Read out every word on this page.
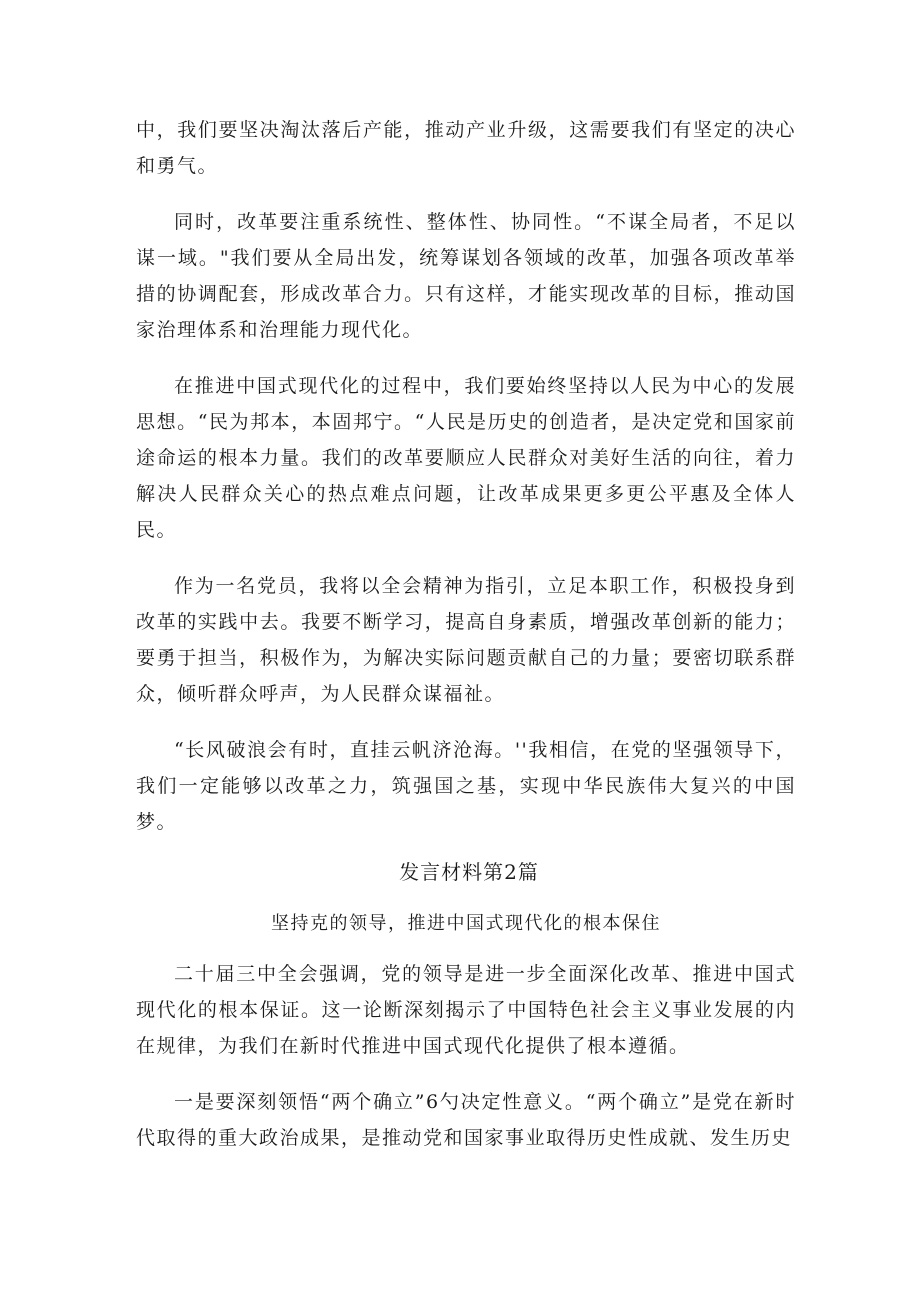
中，我们要坚决淘汰落后产能，推动产业升级，这需要我们有坚定的决心和勇气。

同时，改革要注重系统性、整体性、协同性。“不谋全局者，不足以谋一域。"我们要从全局出发，统筹谋划各领域的改革，加强各项改革举措的协调配套，形成改革合力。只有这样，才能实现改革的目标，推动国家治理体系和治理能力现代化。

在推进中国式现代化的过程中，我们要始终坚持以人民为中心的发展思想。“民为邦本，本固邦宁。“人民是历史的创造者，是决定党和国家前途命运的根本力量。我们的改革要顺应人民群众对美好生活的向往，着力解决人民群众关心的热点难点问题，让改革成果更多更公平惠及全体人民。

作为一名党员，我将以全会精神为指引，立足本职工作，积极投身到改革的实践中去。我要不断学习，提高自身素质，增强改革创新的能力；要勇于担当，积极作为，为解决实际问题贡献自己的力量；要密切联系群众，倾听群众呼声，为人民群众谋福祉。

“长风破浪会有时，直挂云帆济沧海。''我相信，在党的坚强领导下，我们一定能够以改革之力，筑强国之基，实现中华民族伟大复兴的中国梦。

发言材料第2篇

坚持克的领导，推进中国式现代化的根本保住

二十届三中全会强调，党的领导是进一步全面深化改革、推进中国式现代化的根本保证。这一论断深刻揭示了中国特色社会主义事业发展的内在规律，为我们在新时代推进中国式现代化提供了根本遵循。

一是要深刻领悟“两个确立”6勺决定性意义。“两个确立”是党在新时代取得的重大政治成果，是推动党和国家事业取得历史性成就、发生历史
